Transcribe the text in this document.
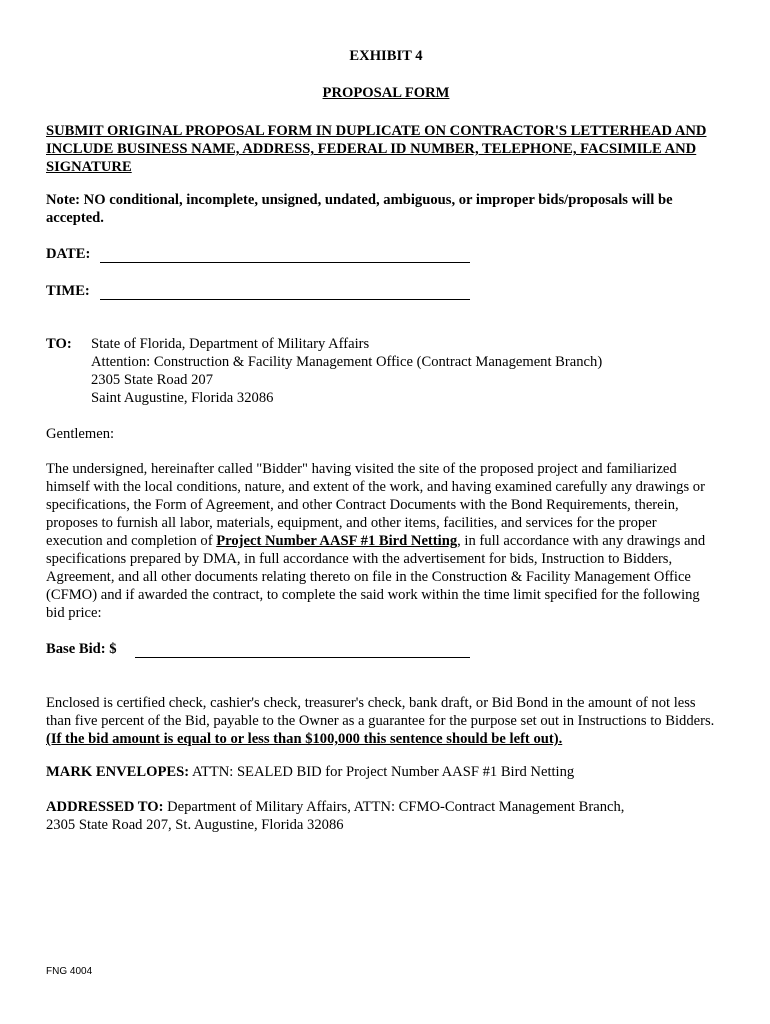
EXHIBIT 4
PROPOSAL FORM
SUBMIT ORIGINAL PROPOSAL FORM IN DUPLICATE ON CONTRACTOR'S LETTERHEAD AND
INCLUDE BUSINESS NAME, ADDRESS, FEDERAL ID NUMBER, TELEPHONE, FACSIMILE AND
SIGNATURE
Note: NO conditional, incomplete, unsigned, undated, ambiguous, or improper bids/proposals will be
accepted.
DATE:
TIME:
TO:	State of Florida, Department of Military Affairs
Attention: Construction & Facility Management Office (Contract Management Branch)
2305 State Road 207
Saint Augustine, Florida 32086
Gentlemen:
The undersigned, hereinafter called "Bidder" having visited the site of the proposed project and familiarized
himself with the local conditions, nature, and extent of the work, and having examined carefully any drawings or
specifications, the Form of Agreement, and other Contract Documents with the Bond Requirements, therein,
proposes to furnish all labor, materials, equipment, and other items, facilities, and services for the proper
execution and completion of Project Number AASF #1 Bird Netting, in full accordance with any drawings and
specifications prepared by DMA, in full accordance with the advertisement for bids, Instruction to Bidders,
Agreement, and all other documents relating thereto on file in the Construction & Facility Management Office
(CFMO) and if awarded the contract, to complete the said work within the time limit specified for the following
bid price:
Base Bid: $
Enclosed is certified check, cashier's check, treasurer's check, bank draft, or Bid Bond in the amount of not less
than five percent of the Bid, payable to the Owner as a guarantee for the purpose set out in Instructions to Bidders.
(If the bid amount is equal to or less than $100,000 this sentence should be left out).
MARK ENVELOPES: ATTN: SEALED BID for Project Number AASF #1 Bird Netting
ADDRESSED TO: Department of Military Affairs, ATTN: CFMO-Contract Management Branch,
2305 State Road 207, St. Augustine, Florida 32086
FNG 4004
